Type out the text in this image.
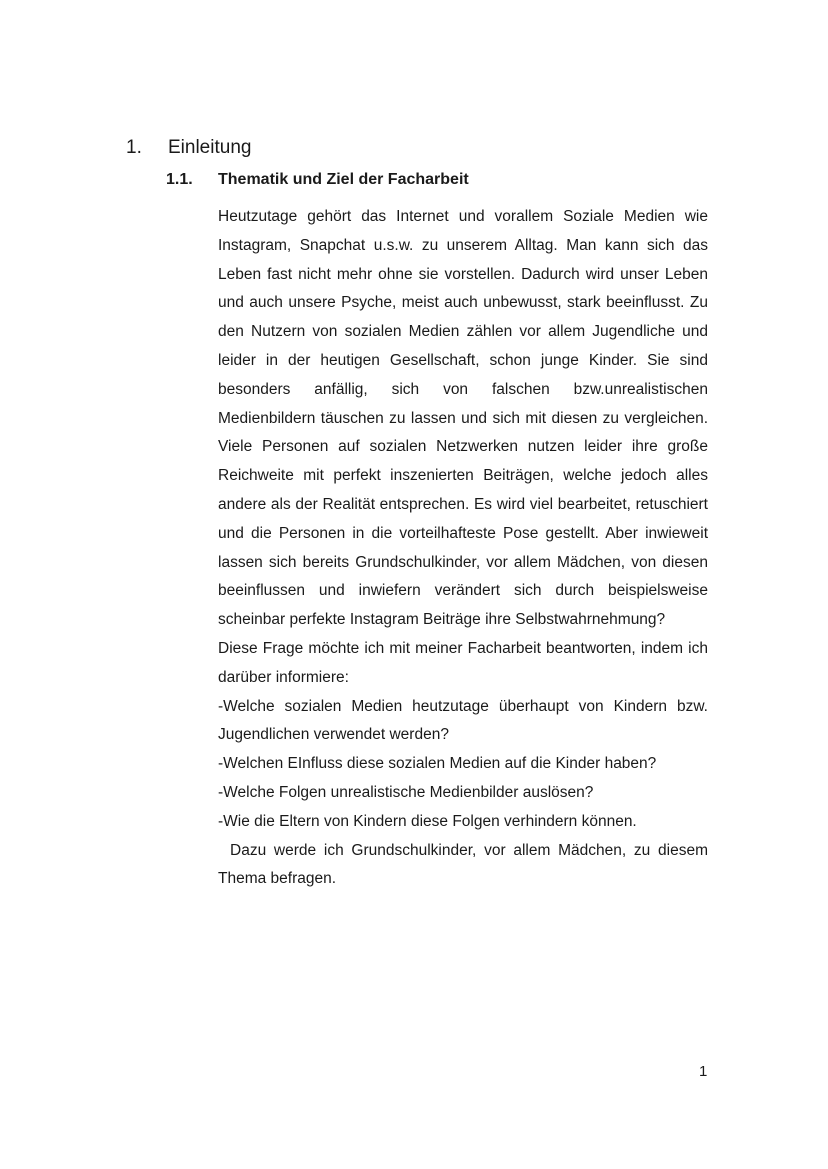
1. Einleitung
1.1. Thematik und Ziel der Facharbeit

Heutzutage gehört das Internet und vorallem Soziale Medien wie Instagram, Snapchat u.s.w. zu unserem Alltag. Man kann sich das Leben fast nicht mehr ohne sie vorstellen. Dadurch wird unser Leben und auch unsere Psyche, meist auch unbewusst, stark beeinflusst. Zu den Nutzern von sozialen Medien zählen vor allem Jugendliche und leider in der heutigen Gesellschaft, schon junge Kinder. Sie sind besonders anfällig, sich von falschen bzw.unrealistischen Medienbildern täuschen zu lassen und sich mit diesen zu vergleichen. Viele Personen auf sozialen Netzwerken nutzen leider ihre große Reichweite mit perfekt inszenierten Beiträgen, welche jedoch alles andere als der Realität entsprechen. Es wird viel bearbeitet, retuschiert und die Personen in die vorteilhafteste Pose gestellt. Aber inwieweit lassen sich bereits Grundschulkinder, vor allem Mädchen, von diesen beeinflussen und inwiefern verändert sich durch beispielsweise scheinbar perfekte Instagram Beiträge ihre Selbstwahrnehmung?

Diese Frage möchte ich mit meiner Facharbeit beantworten, indem ich darüber informiere:

-Welche sozialen Medien heutzutage überhaupt von Kindern bzw. Jugendlichen verwendet werden?

-Welchen EInfluss diese sozialen Medien auf die Kinder haben?

-Welche Folgen unrealistische Medienbilder auslösen?

-Wie die Eltern von Kindern diese Folgen verhindern können.

Dazu werde ich Grundschulkinder, vor allem Mädchen, zu diesem Thema befragen.

1
